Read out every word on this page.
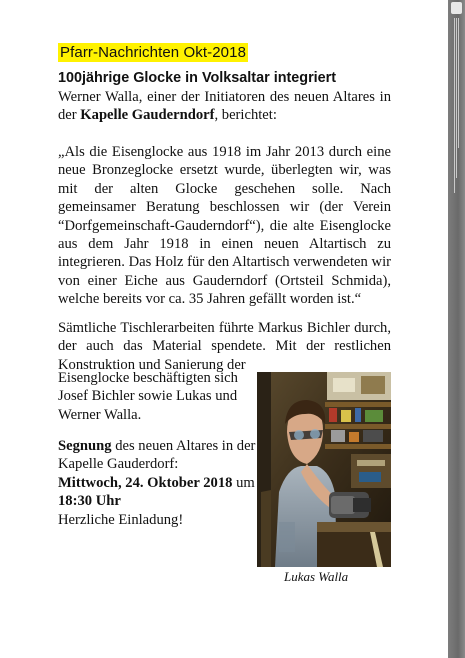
Pfarr-Nachrichten Okt-2018
100jährige Glocke in Volksaltar integriert

Werner Walla, einer der Initiatoren des neuen Altares in der Kapelle Gauderndorf, berichtet:

„Als die Eisenglocke aus 1918 im Jahr 2013 durch eine neue Bronzeglocke ersetzt wurde, überlegten wir, was mit der alten Glocke geschehen solle. Nach gemeinsamer Beratung beschlossen wir (der Verein “Dorfgemeinschaft-Gauderndorf“), die alte Eisenglocke aus dem Jahr 1918 in einen neuen Altartisch zu integrieren. Das Holz für den Altartisch verwendeten wir von einer Eiche aus Gauderndorf (Ortsteil Schmida), welche bereits vor ca. 35 Jahren gefällt worden ist.“

Sämtliche Tischlerarbeiten führte Markus Bichler durch, der auch das Material spendete. Mit der restlichen Konstruktion und Sanierung der

Eisenglocke beschäftigten sich Josef Bichler sowie Lukas und Werner Walla.

Segnung des neuen Altares in der Kapelle Gauderdorf:
Mittwoch, 24. Oktober 2018 um 18:30 Uhr
Herzliche Einladung!

Lukas Walla
